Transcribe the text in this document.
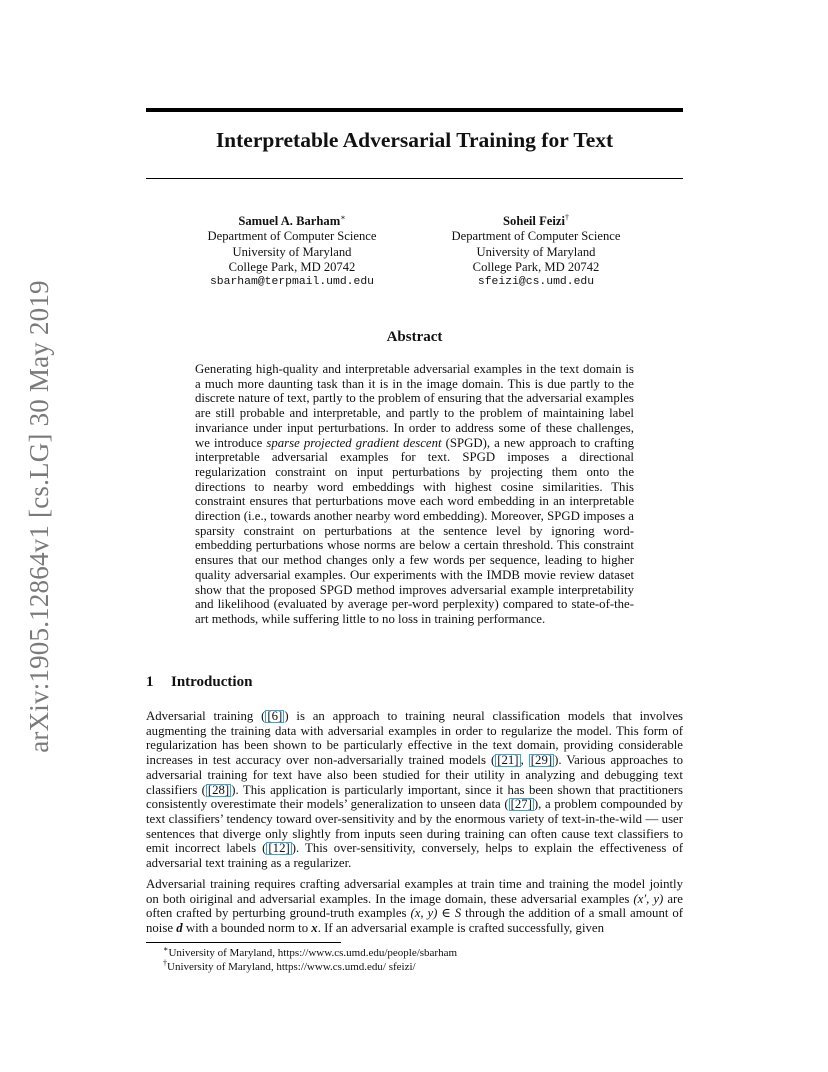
arXiv:1905.12864v1 [cs.LG] 30 May 2019
Interpretable Adversarial Training for Text
Samuel A. Barham∗
Department of Computer Science
University of Maryland
College Park, MD 20742
sbarham@terpmail.umd.edu
Soheil Feizi†
Department of Computer Science
University of Maryland
College Park, MD 20742
sfeizi@cs.umd.edu
Abstract

Generating high-quality and interpretable adversarial examples in the text domain is a much more daunting task than it is in the image domain. This is due partly to the discrete nature of text, partly to the problem of ensuring that the adversarial examples are still probable and interpretable, and partly to the problem of maintaining label invariance under input perturbations. In order to address some of these challenges, we introduce sparse projected gradient descent (SPGD), a new approach to crafting interpretable adversarial examples for text. SPGD imposes a directional regularization constraint on input perturbations by projecting them onto the directions to nearby word embeddings with highest cosine similarities. This constraint ensures that perturbations move each word embedding in an interpretable direction (i.e., towards another nearby word embedding). Moreover, SPGD imposes a sparsity constraint on perturbations at the sentence level by ignoring word-embedding perturbations whose norms are below a certain threshold. This constraint ensures that our method changes only a few words per sequence, leading to higher quality adversarial examples. Our experiments with the IMDB movie review dataset show that the proposed SPGD method improves adversarial example interpretability and likelihood (evaluated by average per-word perplexity) compared to state-of-the-art methods, while suffering little to no loss in training performance.

1 Introduction

Adversarial training ( [6] ) is an approach to training neural classification models that involves augmenting the training data with adversarial examples in order to regularize the model. This form of regularization has been shown to be particularly effective in the text domain, providing considerable increases in test accuracy over non-adversarially trained models ( [21] , [29] ). Various approaches to adversarial training for text have also been studied for their utility in analyzing and debugging text classifiers ( [28] ). This application is particularly important, since it has been shown that practitioners consistently overestimate their models’ generalization to unseen data ( [27] ), a problem compounded by text classifiers’ tendency toward over-sensitivity and by the enormous variety of text-in-the-wild — user sentences that diverge only slightly from inputs seen during training can often cause text classifiers to emit incorrect labels ( [12] ). This over-sensitivity, conversely, helps to explain the effectiveness of adversarial text training as a regularizer.

Adversarial training requires crafting adversarial examples at train time and training the model jointly on both oiriginal and adversarial examples. In the image domain, these adversarial examples (x′, y) are often crafted by perturbing ground-truth examples (x, y) ∈ S through the addition of a small amount of noise d with a bounded norm to x. If an adversarial example is crafted successfully, given

∗University of Maryland, https://www.cs.umd.edu/people/sbarham

†University of Maryland, https://www.cs.umd.edu/ sfeizi/
